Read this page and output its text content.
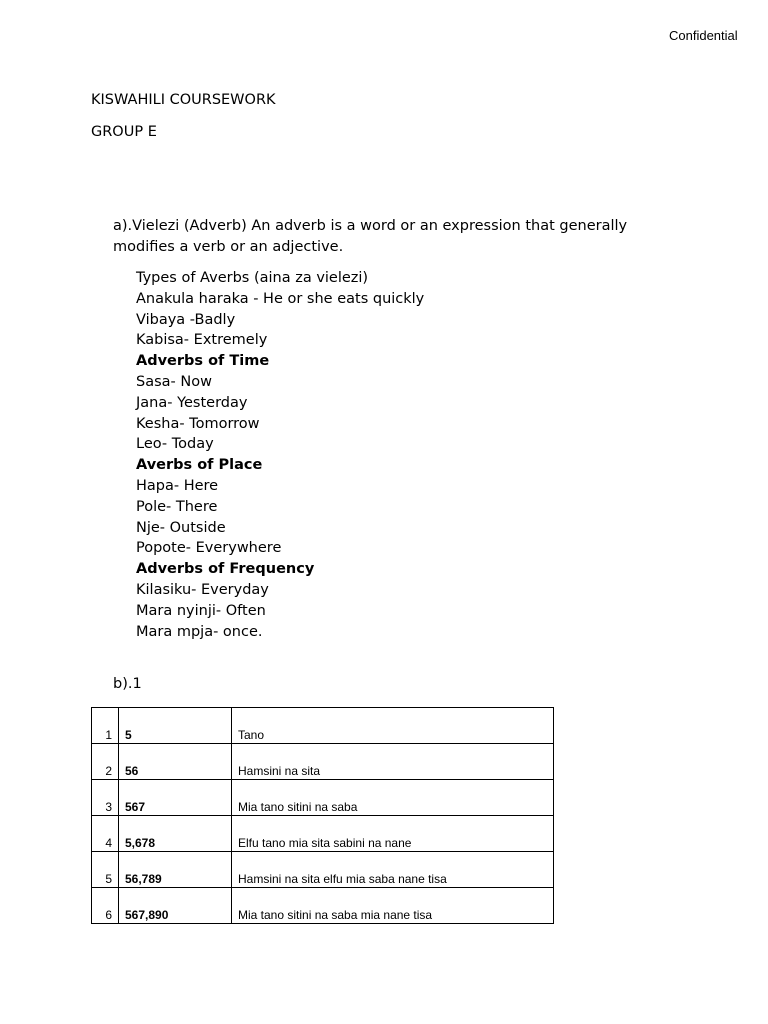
Confidential
KISWAHILI COURSEWORK
GROUP E
a).Vielezi (Adverb) An adverb is a word or an expression that generally modifies a verb or an adjective.
Types of Averbs (aina za vielezi)
Anakula haraka - He or she eats quickly
Vibaya -Badly
Kabisa- Extremely
Adverbs of Time
Sasa- Now
Jana- Yesterday
Kesha- Tomorrow
Leo- Today
Averbs of Place
Hapa- Here
Pole- There
Nje- Outside
Popote- Everywhere
Adverbs of Frequency
Kilasiku- Everyday
Mara nyinji- Often
Mara mpja- once.
b).1
1	5	Tano
2	56	Hamsini na sita
3	567	Mia tano sitini na saba
4	5,678	Elfu tano mia sita sabini na nane
5	56,789	Hamsini na sita elfu mia saba nane tisa
6	567,890	Mia tano sitini na saba mia nane tisa
